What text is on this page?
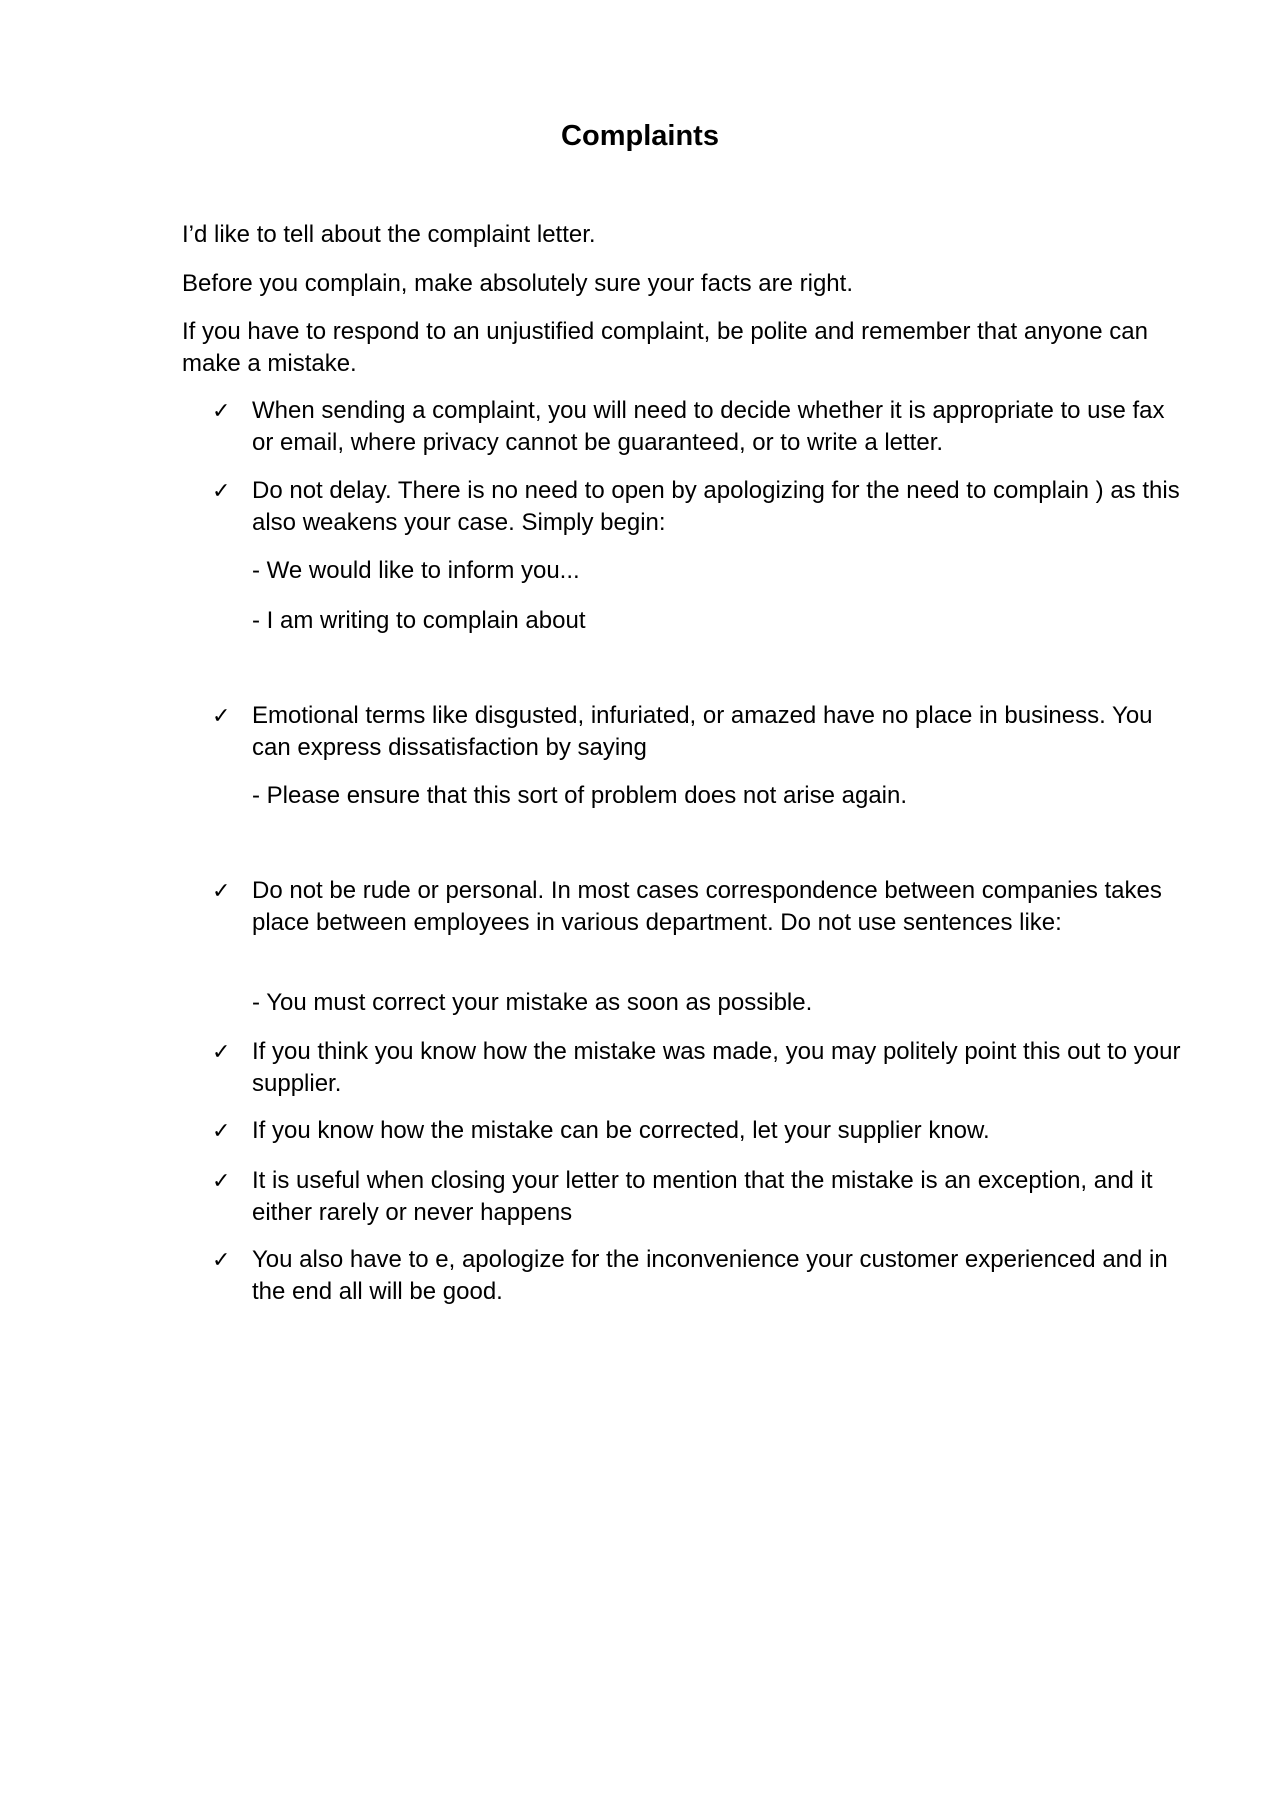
Complaints
I’d like to tell about the complaint letter.
Before you complain, make absolutely sure your facts are right.
If you have to respond to an unjustified complaint, be polite and remember that anyone can make a mistake.
✓ When sending a complaint, you will need to decide whether it is appropriate to use fax or email, where privacy cannot be guaranteed, or to write a letter.
✓ Do not delay. There is no need to open by apologizing for the need to complain ) as this also weakens your case. Simply begin:
- We would like to inform you...
- I am writing to complain about
✓ Emotional terms like disgusted, infuriated, or amazed have no place in business. You can express dissatisfaction by saying
- Please ensure that this sort of problem does not arise again.
✓ Do not be rude or personal. In most cases correspondence between companies takes place between employees in various department. Do not use sentences like:
- You must correct your mistake as soon as possible.
✓ If you think you know how the mistake was made, you may politely point this out to your supplier.
✓ If you know how the mistake can be corrected, let your supplier know.
✓ It is useful when closing your letter to mention that the mistake is an exception, and it either rarely or never happens
✓ You also have to e, apologize for the inconvenience your customer experienced and in the end all will be good.
